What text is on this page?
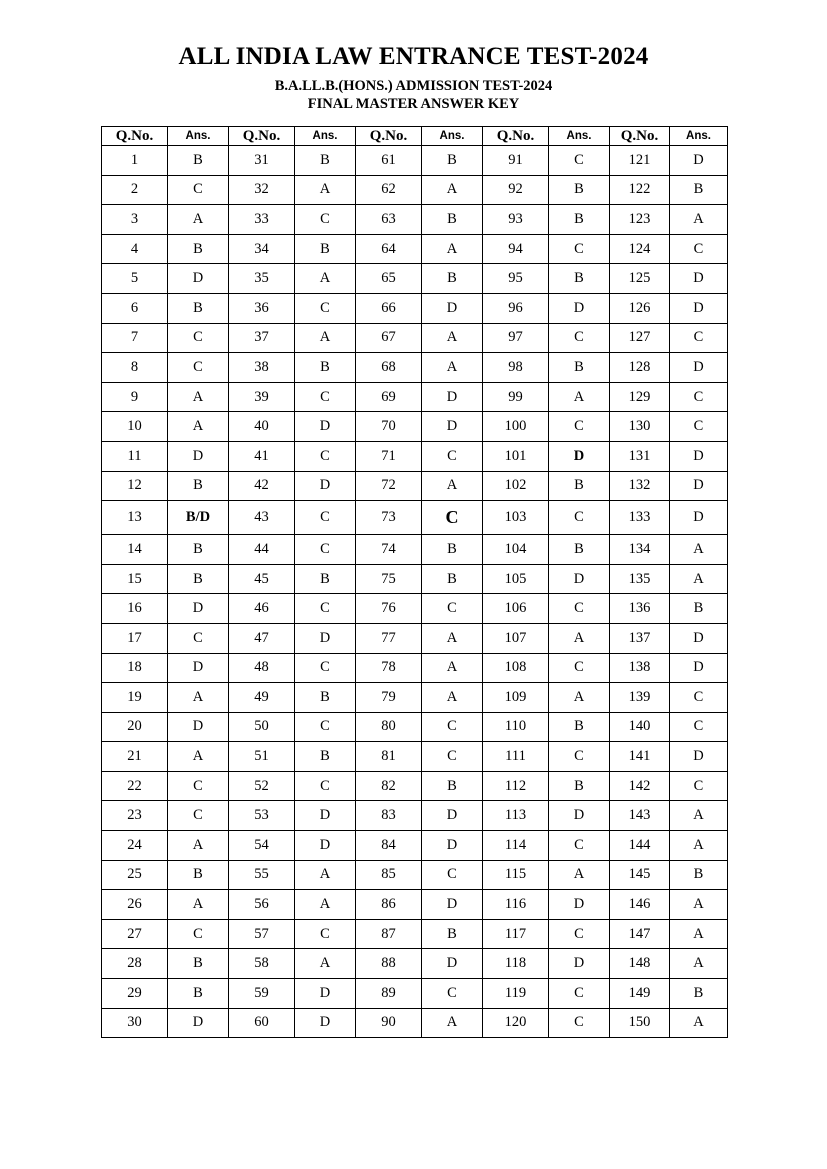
ALL INDIA LAW ENTRANCE TEST-2024
B.A.LL.B.(HONS.) ADMISSION TEST-2024
FINAL MASTER ANSWER KEY
Q.No.	Ans.	Q.No.	Ans.	Q.No.	Ans.	Q.No.	Ans.	Q.No.	Ans.
1	B	31	B	61	B	91	C	121	D
2	C	32	A	62	A	92	B	122	B
3	A	33	C	63	B	93	B	123	A
4	B	34	B	64	A	94	C	124	C
5	D	35	A	65	B	95	B	125	D
6	B	36	C	66	D	96	D	126	D
7	C	37	A	67	A	97	C	127	C
8	C	38	B	68	A	98	B	128	D
9	A	39	C	69	D	99	A	129	C
10	A	40	D	70	D	100	C	130	C
11	D	41	C	71	C	101	D	131	D
12	B	42	D	72	A	102	B	132	D
13	B/D	43	C	73	C	103	C	133	D
14	B	44	C	74	B	104	B	134	A
15	B	45	B	75	B	105	D	135	A
16	D	46	C	76	C	106	C	136	B
17	C	47	D	77	A	107	A	137	D
18	D	48	C	78	A	108	C	138	D
19	A	49	B	79	A	109	A	139	C
20	D	50	C	80	C	110	B	140	C
21	A	51	B	81	C	111	C	141	D
22	C	52	C	82	B	112	B	142	C
23	C	53	D	83	D	113	D	143	A
24	A	54	D	84	D	114	C	144	A
25	B	55	A	85	C	115	A	145	B
26	A	56	A	86	D	116	D	146	A
27	C	57	C	87	B	117	C	147	A
28	B	58	A	88	D	118	D	148	A
29	B	59	D	89	C	119	C	149	B
30	D	60	D	90	A	120	C	150	A
